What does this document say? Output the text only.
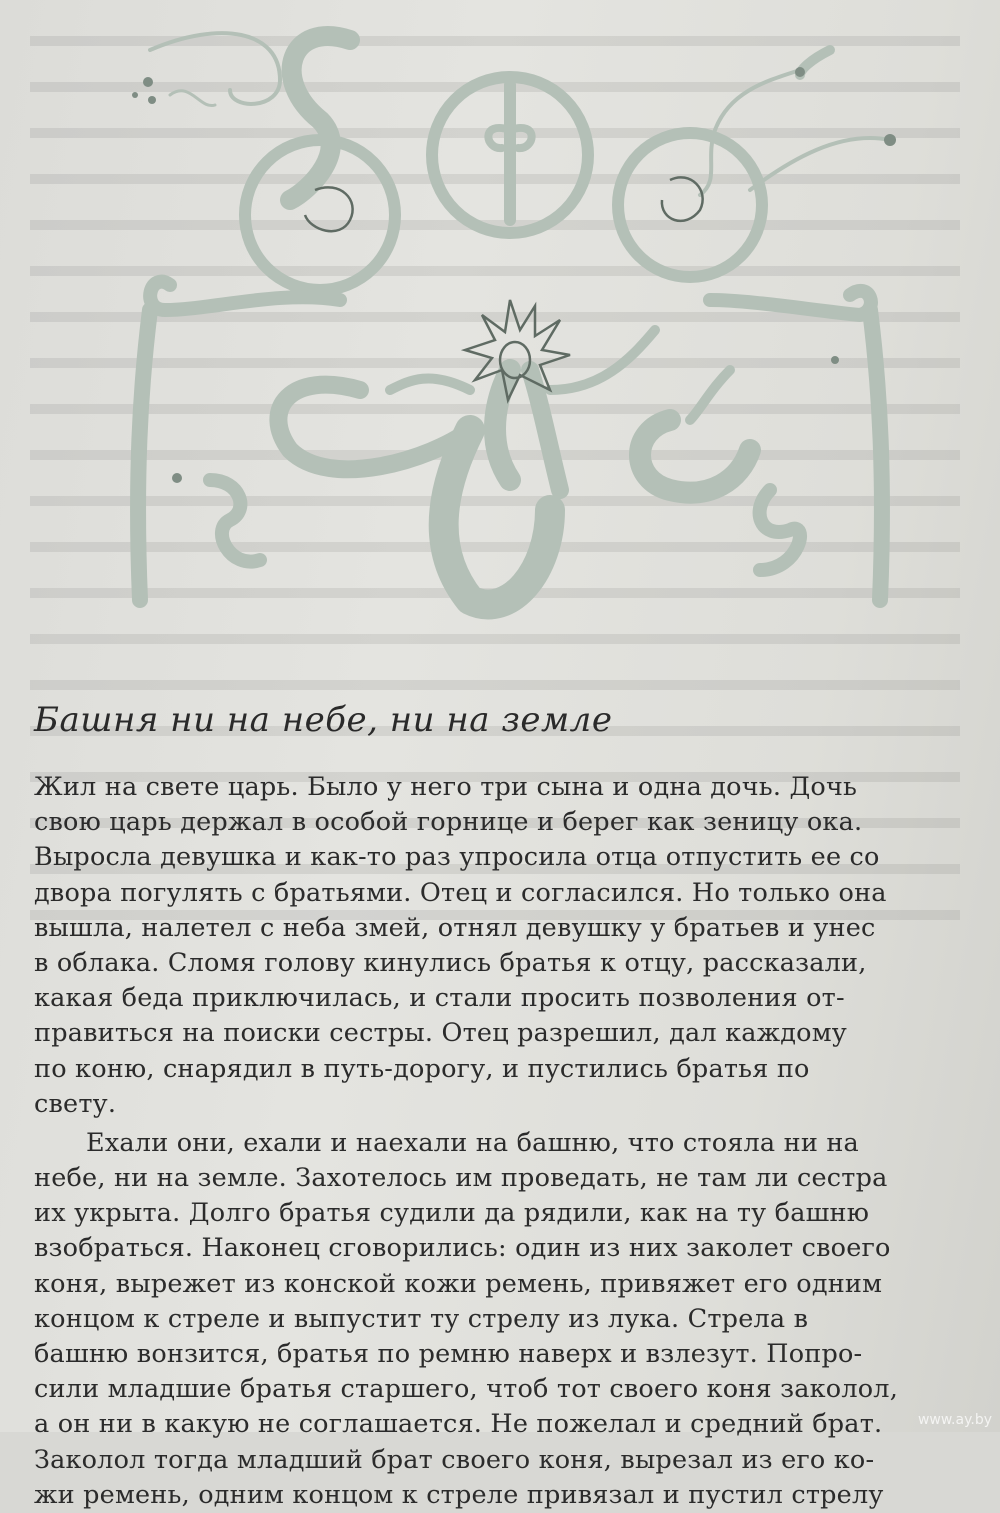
Башня ни на небе, ни на земле
Жил на свете царь. Было у него три сына и одна дочь. Дочь
свою царь держал в особой горнице и берег как зеницу ока.
Выросла девушка и как-то раз упросила отца отпустить ее со
двора погулять с братьями. Отец и согласился. Но только она
вышла, налетел с неба змей, отнял девушку у братьев и унес
в облака. Сломя голову кинулись братья к отцу, рассказали,
какая беда приключилась, и стали просить позволения от-
правиться на поиски сестры. Отец разрешил, дал каждому
по коню, снарядил в путь-дорогу, и пустились братья по
свету.
Ехали они, ехали и наехали на башню, что стояла ни на
небе, ни на земле. Захотелось им проведать, не там ли сестра
их укрыта. Долго братья судили да рядили, как на ту башню
взобраться. Наконец сговорились: один из них заколет своего
коня, вырежет из конской кожи ремень, привяжет его одним
концом к стреле и выпустит ту стрелу из лука. Стрела в
башню вонзится, братья по ремню наверх и взлезут. Попро-
сили младшие братья старшего, чтоб тот своего коня заколол,
а он ни в какую не соглашается. Не пожелал и средний брат.
Заколол тогда младший брат своего коня, вырезал из его ко-
жи ремень, одним концом к стреле привязал и пустил стрелу
www.ay.by
